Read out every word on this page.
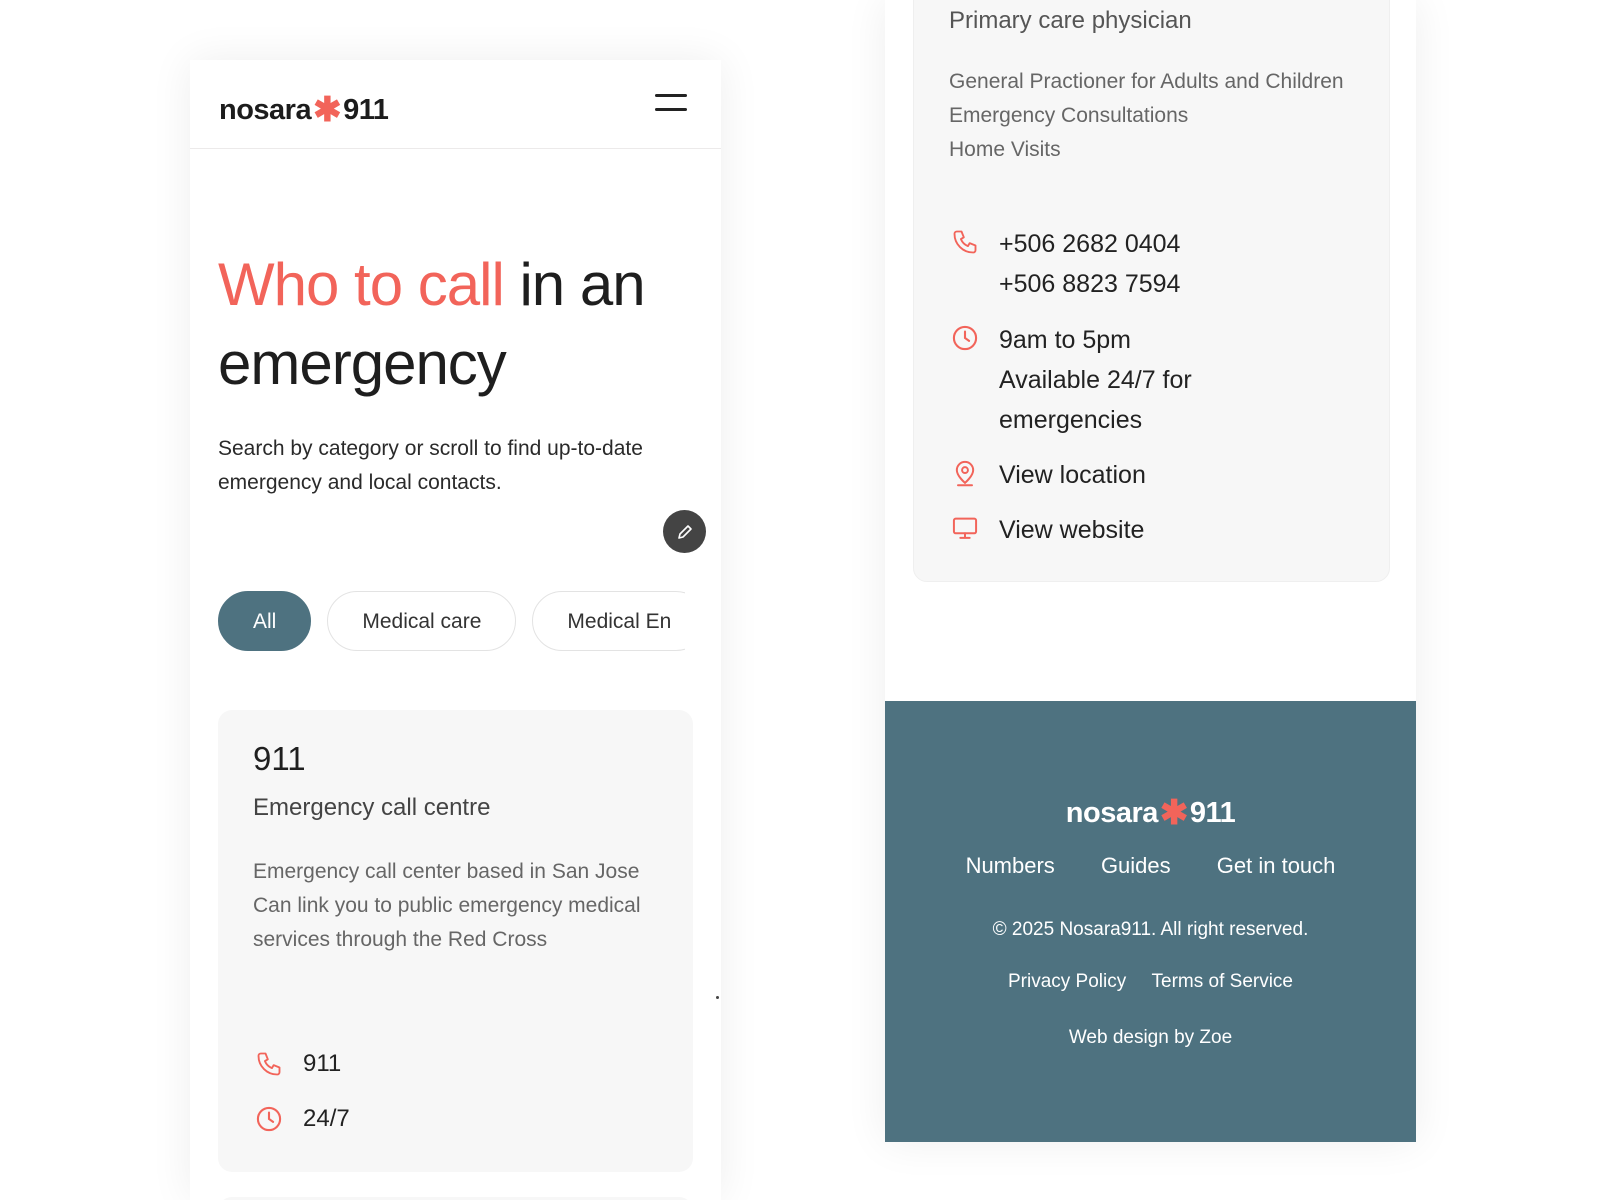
nosara✱911
Who to call in an emergency

Search by category or scroll to find up-to-date emergency and local contacts.

All	Medical care	Medical En
911
Emergency call centre
Emergency call center based in San Jose
Can link you to public emergency medical services through the Red Cross
911
24/7
Primary care physician
General Practioner for Adults and Children
Emergency Consultations
Home Visits
+506 2682 0404
+506 8823 7594
9am to 5pm
Available 24/7 for
emergencies
View location
View website
nosara✱911
Numbers Guides Get in touch
© 2025 Nosara911. All right reserved.
Privacy Policy Terms of Service
Web design by Zoe
